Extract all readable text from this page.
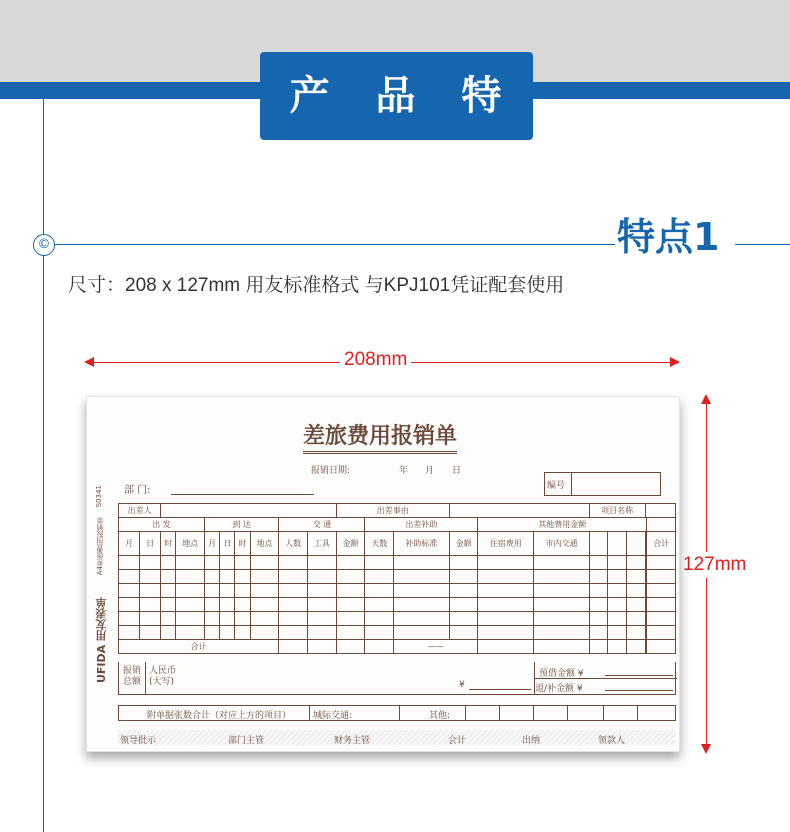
产 品 特 点
©	特点1
尺寸：208 x 127mm 用友标准格式 与KPJ101凭证配套使用
208mm
127mm
差旅费用报销单
报销日期:	年 月 日
编号
部 门:
S0341
A4差旅费用报销单
UFIDA 用友表单
出差人										出差事由						项目名称			
出 发				到 达				交 通			出差补助			其他费用金额					
月	日	时	地点	月	日	时	地点	人数	工具	金额	天数	补助标准	金额	住宿费用	市内交通					合计

合计												——							
报销
总额
人民币
(大写)	¥
预借金额 ¥
退/补金额 ¥
附单据张数合计（对应上方的项目） 城际交通:	其他:
领导批示	部门主管	财务主管	会计	出纳	领款人
